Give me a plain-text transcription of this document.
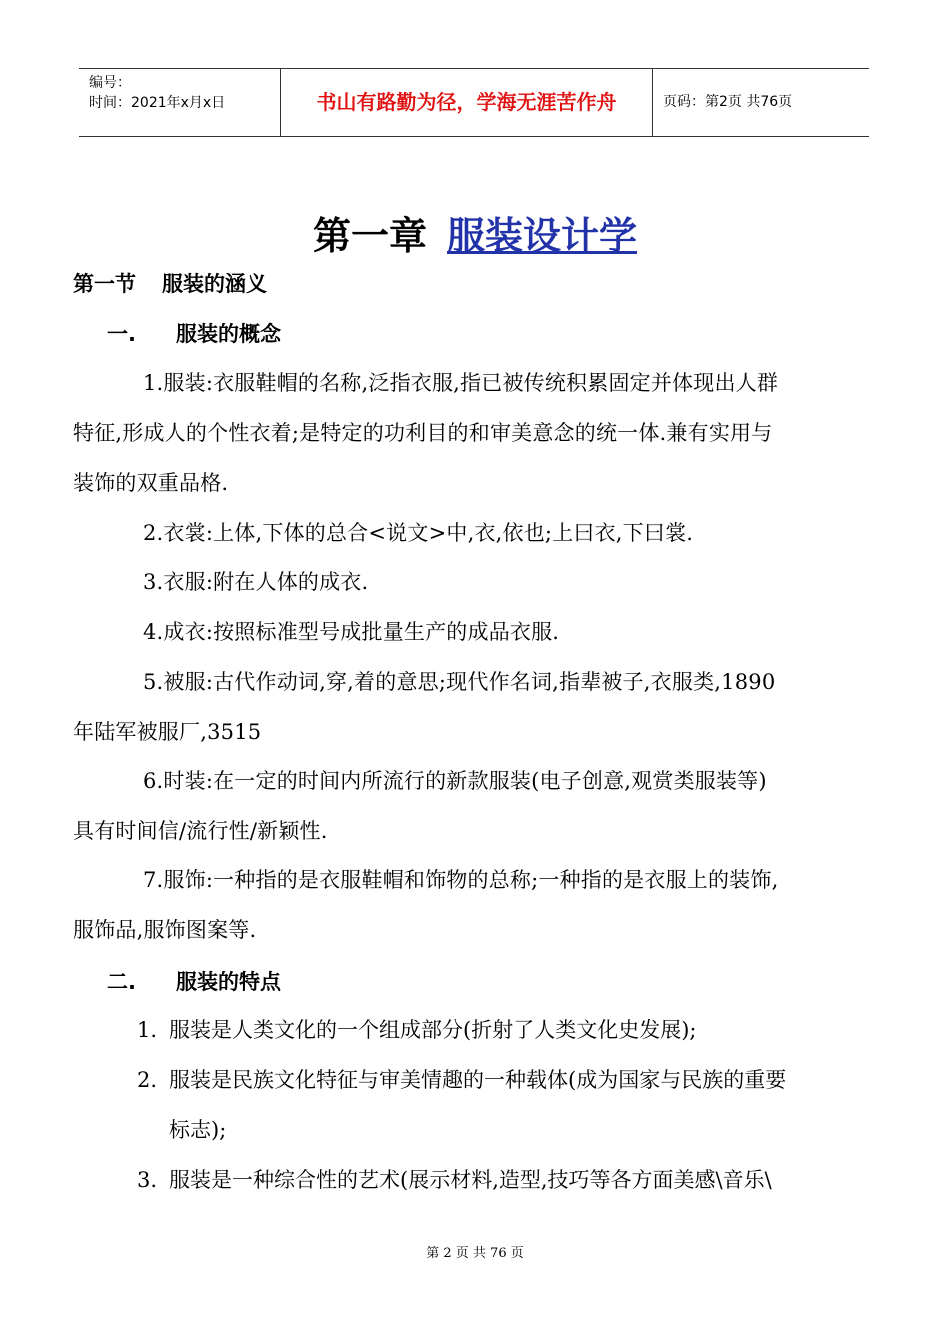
编号：
时间：2021年x月x日	书山有路勤为径，学海无涯苦作舟	页码：第2页 共76页
第一章 服装设计学
第一节 服装的涵义
一. 服装的概念
1.服装:衣服鞋帽的名称,泛指衣服,指已被传统积累固定并体现出人群
特征,形成人的个性衣着;是特定的功利目的和审美意念的统一体.兼有实用与
装饰的双重品格.
2.衣裳:上体,下体的总合<说文>中,衣,依也;上曰衣,下曰裳.
3.衣服:附在人体的成衣.
4.成衣:按照标准型号成批量生产的成品衣服.
5.被服:古代作动词,穿,着的意思;现代作名词,指辈被子,衣服类,1890
年陆军被服厂,3515
6.时装:在一定的时间内所流行的新款服装(电子创意,观赏类服装等)
具有时间信/流行性/新颖性.
7.服饰:一种指的是衣服鞋帽和饰物的总称;一种指的是衣服上的装饰,
服饰品,服饰图案等.
二. 服装的特点
1. 服装是人类文化的一个组成部分(折射了人类文化史发展);
2. 服装是民族文化特征与审美情趣的一种载体(成为国家与民族的重要
标志);
3. 服装是一种综合性的艺术(展示材料,造型,技巧等各方面美感\音乐\
第 2 页 共 76 页
